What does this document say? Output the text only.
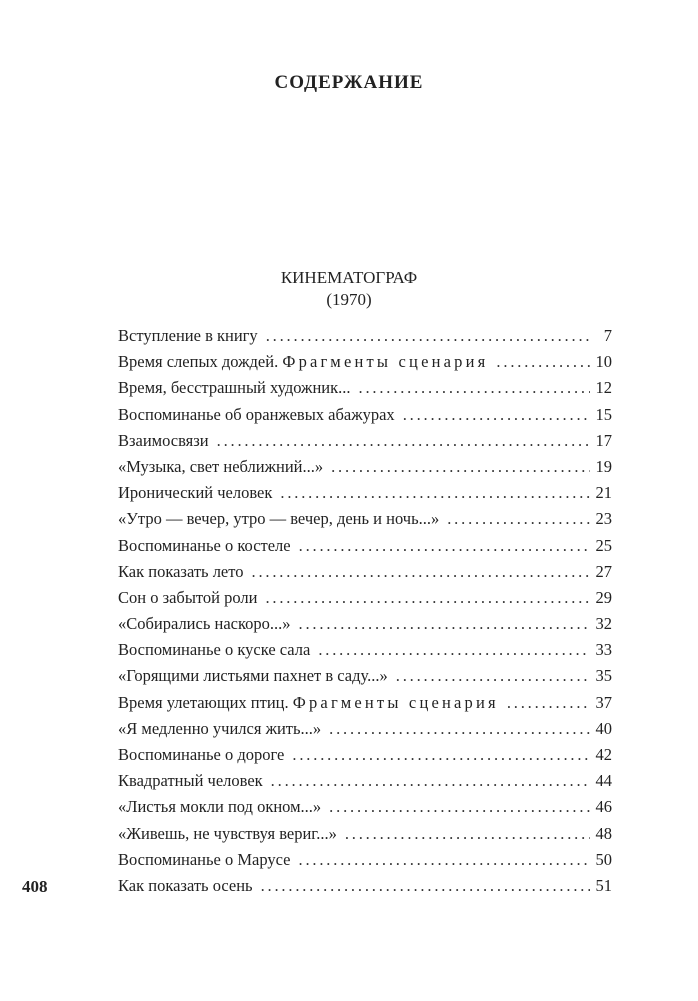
СОДЕРЖАНИЕ
КИНЕМАТОГРАФ
(1970)
Вступление в книгу . . .	7
Время слепых дождей. Фрагменты сценария . . .	10
Время, бесстрашный художник... . . .	12
Воспоминанье об оранжевых абажурах . . .	15
Взаимосвязи . . .	17
«Музыка, свет неближний...» . . .	19
Иронический человек . . .	21
«Утро — вечер, утро — вечер, день и ночь...» . . .	23
Воспоминанье о костеле . . .	25
Как показать лето . . .	27
Сон о забытой роли . . .	29
«Собирались наскоро...» . . .	32
Воспоминанье о куске сала . . .	33
«Горящими листьями пахнет в саду...» . . .	35
Время улетающих птиц. Фрагменты сценария . . .	37
«Я медленно учился жить...» . . .	40
Воспоминанье о дороге . . .	42
Квадратный человек . . .	44
«Листья мокли под окном...» . . .	46
«Живешь, не чувствуя вериг...» . . .	48
Воспоминанье о Марусе . . .	50
Как показать осень . . .	51
408
